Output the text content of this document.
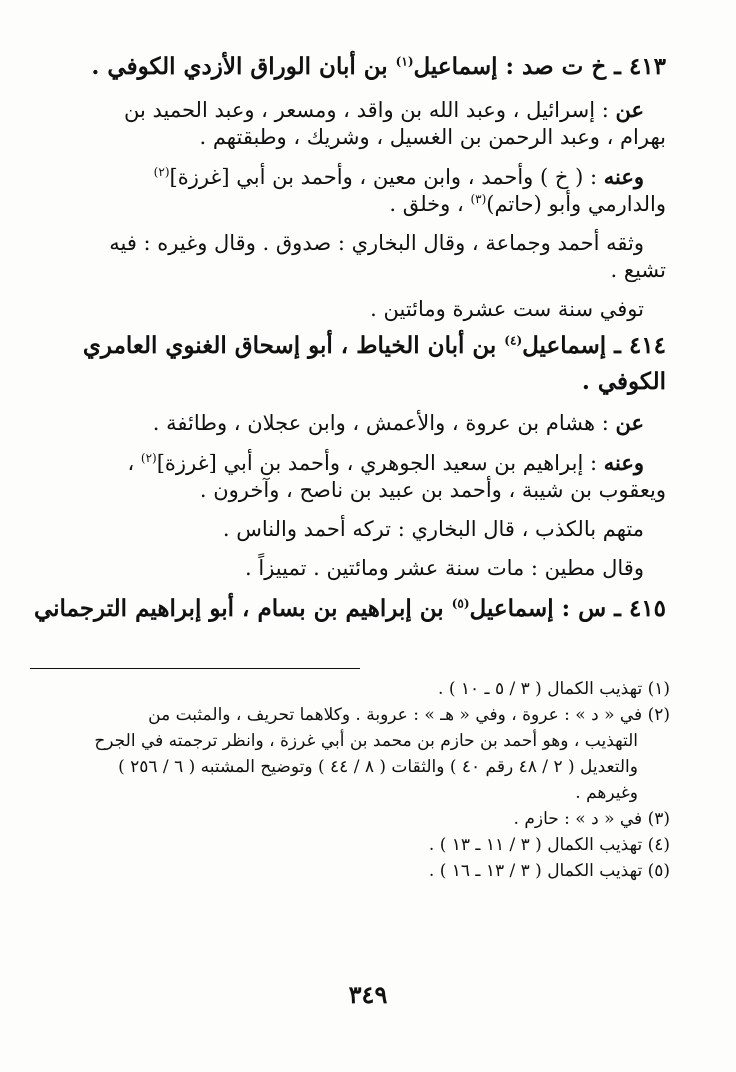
٤١٣ ـ خ ت صد : إسماعيل$^{(١)}$ بن أبان الوراق الأزدي الكوفي .

عن : إسرائيل ، وعبد الله بن واقد ، ومسعر ، وعبد الحميد بن

بهرام ، وعبد الرحمن بن الغسيل ، وشريك ، وطبقتهم .

وعنه : ( خ ) وأحمد ، وابن معين ، وأحمد بن أبي [غرزة]$^{(٢)}$

والدارمي وأبو (حاتم)$^{(٣)}$ ، وخلق .

وثقه أحمد وجماعة ، وقال البخاري : صدوق . وقال وغيره : فيه

تشيع .

توفي سنة ست عشرة ومائتين .

٤١٤ ـ إسماعيل$^{(٤)}$ بن أبان الخياط ، أبو إسحاق الغنوي العامري
الكوفي .

عن : هشام بن عروة ، والأعمش ، وابن عجلان ، وطائفة .

وعنه : إبراهيم بن سعيد الجوهري ، وأحمد بن أبي [غرزة]$^{(٢)}$ ،

ويعقوب بن شيبة ، وأحمد بن عبيد بن ناصح ، وآخرون .

متهم بالكذب ، قال البخاري : تركه أحمد والناس .

وقال مطين : مات سنة عشر ومائتين . تمييزاً .

٤١٥ ـ س : إسماعيل$^{(٥)}$ بن إبراهيم بن بسام ، أبو إبراهيم الترجماني

(١) تهذيب الكمال ( ٣ / ٥ ـ ١٠ ) .

(٢) في « د » : عروة ، وفي « هـ » : عروبة . وكلاهما تحريف ، والمثبت من

التهذيب ، وهو أحمد بن حازم بن محمد بن أبي غرزة ، وانظر ترجمته في الجرح

والتعديل ( ٢ / ٤٨ رقم ٤٠ ) والثقات ( ٨ / ٤٤ ) وتوضيح المشتبه ( ٦ / ٢٥٦ )

وغيرهم .

(٣) في « د » : حازم .

(٤) تهذيب الكمال ( ٣ / ١١ ـ ١٣ ) .

(٥) تهذيب الكمال ( ٣ / ١٣ ـ ١٦ ) .

٣٤٩
